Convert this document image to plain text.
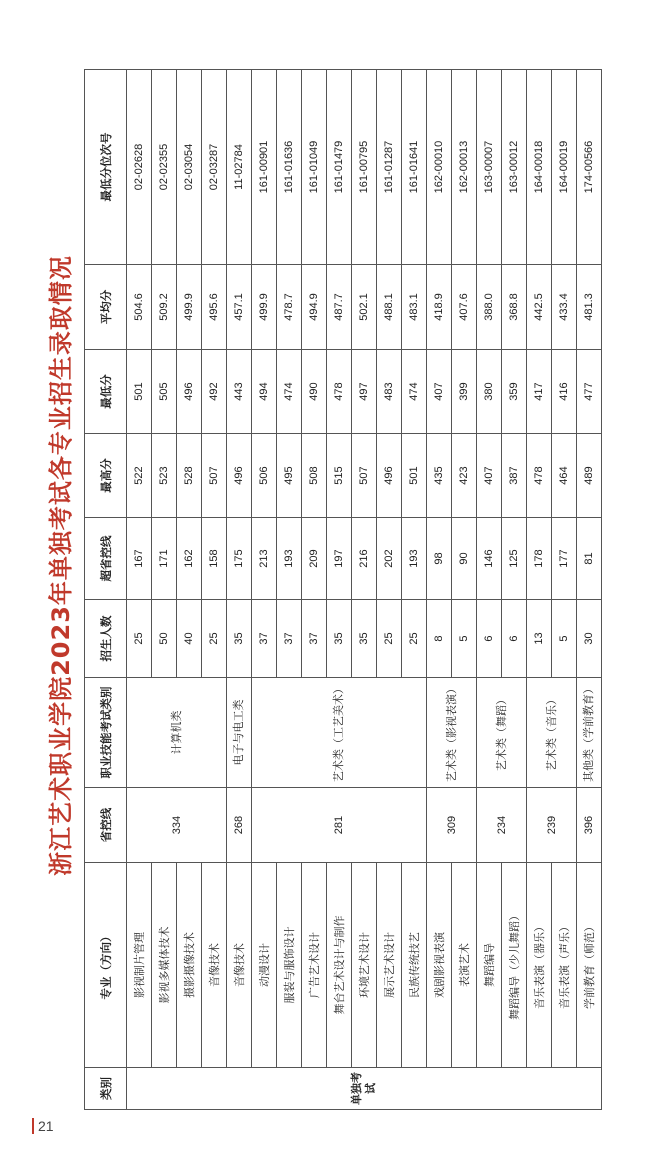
浙江艺术职业学院2023年单独考试各专业招生录取情况
类别	专业（方向）	省控线	职业技能考试类别	招生人数	超省控线	最高分	最低分	平均分	最低分位次号
单独考试	影视制片管理	334	计算机类	25	167	522	501	504.6	02-02628
	影视多媒体技术			50	171	523	505	509.2	02-02355
	摄影摄像技术			40	162	528	496	499.9	02-03054
	音像技术			25	158	507	492	495.6	02-03287
	音像技术	268	电子与电工类	35	175	496	443	457.1	11-02784
	动漫设计	281	艺术类（工艺美术）	37	213	506	494	499.9	161-00901
	服装与服饰设计			37	193	495	474	478.7	161-01636
	广告艺术设计			37	209	508	490	494.9	161-01049
	舞台艺术设计与制作			35	197	515	478	487.7	161-01479
	环境艺术设计			35	216	507	497	502.1	161-00795
	展示艺术设计			25	202	496	483	488.1	161-01287
	民族传统技艺			25	193	501	474	483.1	161-01641
	戏剧影视表演	309	艺术类（影视表演）	8	98	435	407	418.9	162-00010
	表演艺术			5	90	423	399	407.6	162-00013
	舞蹈编导	234	艺术类（舞蹈）	6	146	407	380	388.0	163-00007
	舞蹈编导（少儿舞蹈）			6	125	387	359	368.8	163-00012
	音乐表演（器乐）	239	艺术类（音乐）	13	178	478	417	442.5	164-00018
	音乐表演（声乐）			5	177	464	416	433.4	164-00019
	学前教育（师范）	396	其他类（学前教育）	30	81	489	477	481.3	174-00566
21
